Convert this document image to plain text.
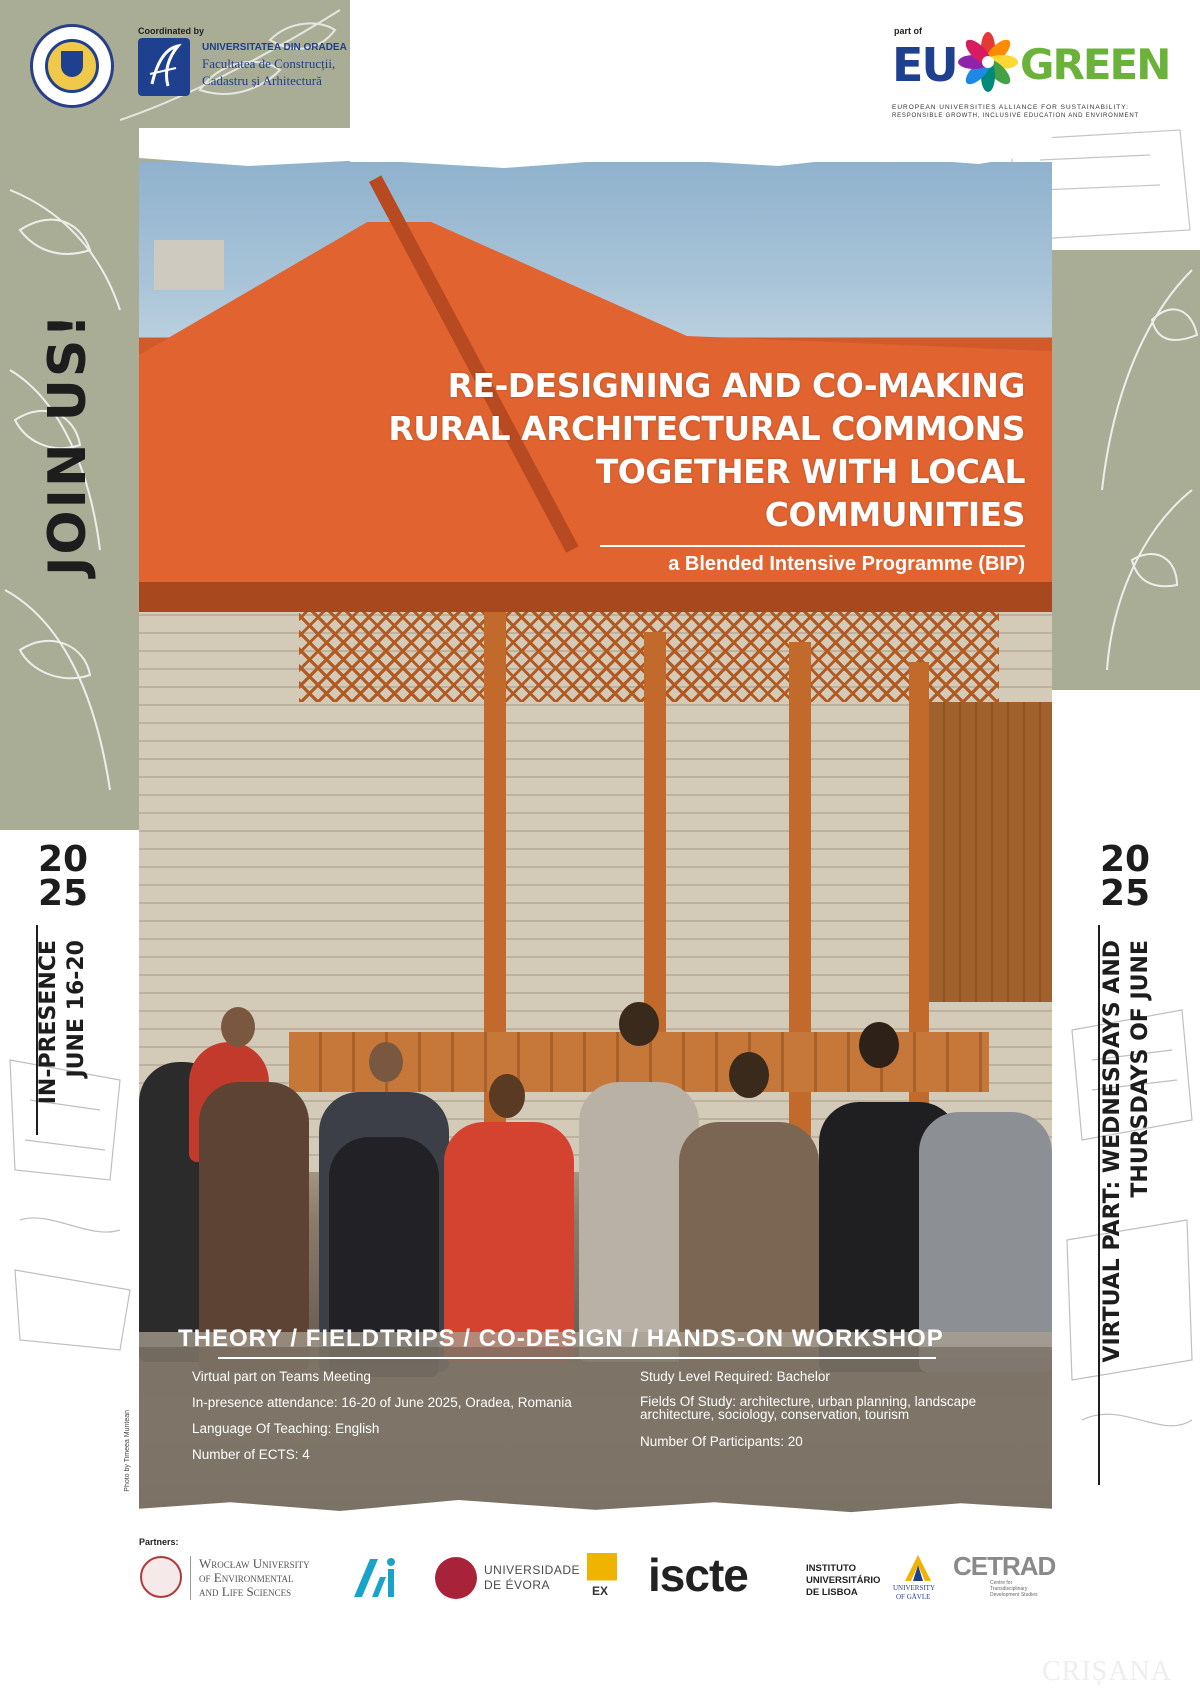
Coordinated by
UNIVERSITATEA DIN ORADEA
Facultatea de Construcții,
Cadastru și Arhitectură
part of
EU GREEN
EUROPEAN UNIVERSITIES ALLIANCE FOR SUSTAINABILITY:
RESPONSIBLE GROWTH, INCLUSIVE EDUCATION AND ENVIRONMENT
RE-DESIGNING AND CO-MAKING
RURAL ARCHITECTURAL COMMONS
TOGETHER WITH LOCAL
COMMUNITIES
a Blended Intensive Programme (BIP)
THEORY / FIELDTRIPS / CO-DESIGN / HANDS-ON WORKSHOP
Virtual part on Teams Meeting
In-presence attendance: 16-20 of June 2025, Oradea, Romania
Language Of Teaching: English
Number of ECTS: 4
Study Level Required: Bachelor
Fields Of Study: architecture, urban planning, landscape
architecture, sociology, conservation, tourism
Number Of Participants: 20
Photo by Timeea Muntean
JOIN US!
20
25
IN-PRESENCE JUNE 16-20
20
25
VIRTUAL PART: WEDNESDAYS AND THURSDAYS OF JUNE
Partners:
Wrocław University
of Environmental
and Life Sciences
UNIVERSIDADE
DE ÉVORA	EX iscte	INSTITUTO
UNIVERSITÁRIO
DE LISBOA	UNIVERSITY
OF GÄVLE
CETRAD
Centre for
Transdisciplinary
Development Studies
CRIȘANA
